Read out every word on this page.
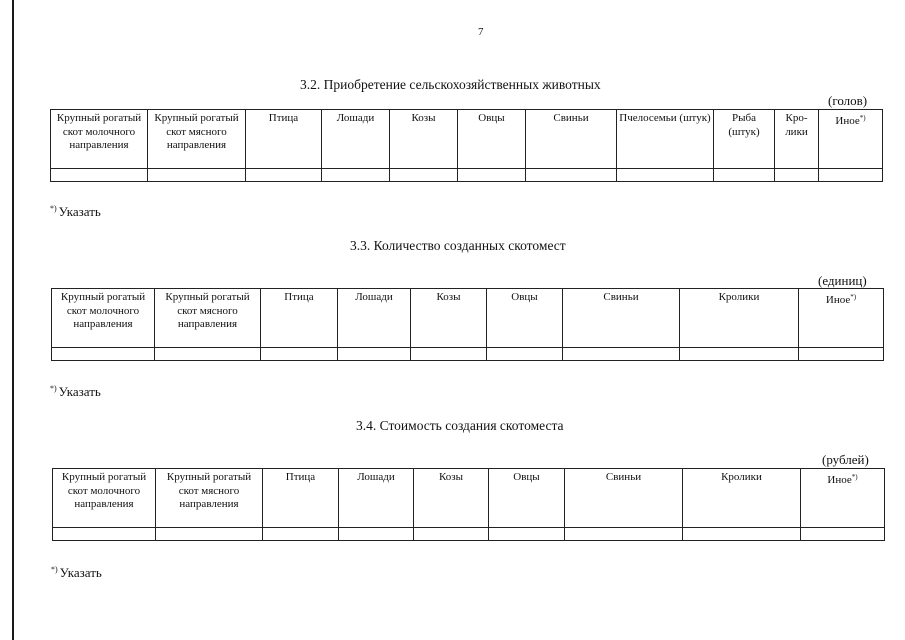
7
3.2. Приобретение сельскохозяйственных животных
(голов)
Крупный рогатый скот молочного направления	Крупный рогатый скот мясного направления	Птица	Лошади	Козы	Овцы	Свиньи	Пчелосемьи (штук)	Рыба (штук)	Кро- лики	Иное*)

*) Указать
3.3. Количество созданных скотомест
(единиц)
Крупный рогатый скот молочного направления	Крупный рогатый скот мясного направления	Птица	Лошади	Козы	Овцы	Свиньи	Кролики	Иное*)

*) Указать
3.4. Стоимость создания скотоместа
(рублей)
Крупный рогатый скот молочного направления	Крупный рогатый скот мясного направления	Птица	Лошади	Козы	Овцы	Свиньи	Кролики	Иное*)

*) Указать
